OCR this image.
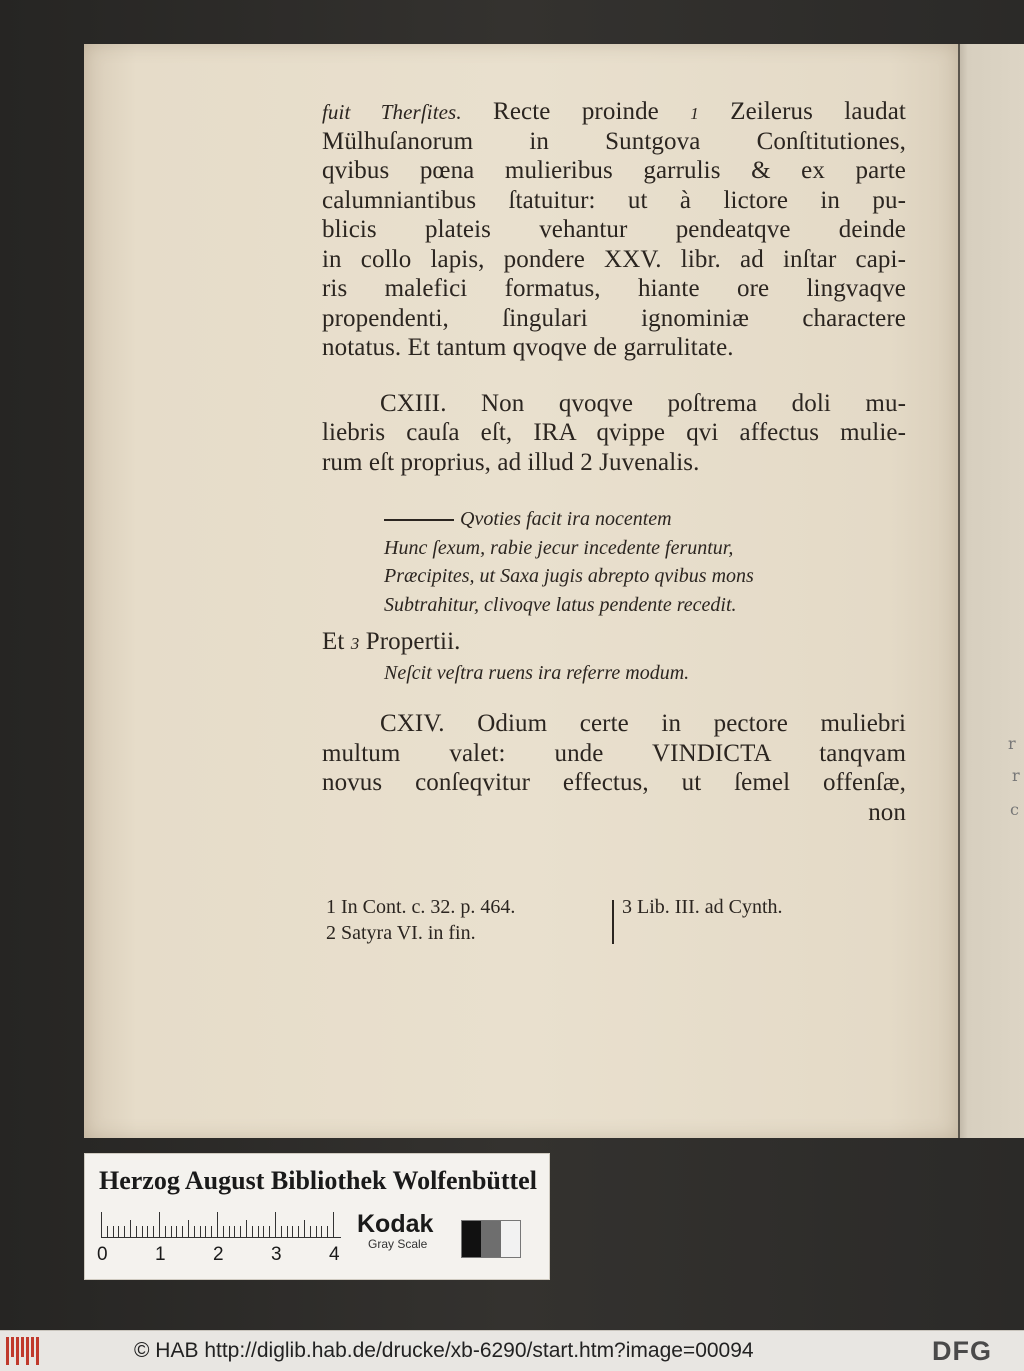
r
r
c
fuit Therſites. Recte proinde 1 Zeilerus laudat
Mülhuſanorum in Suntgova Conſtitutiones,
qvibus pœna mulieribus garrulis & ex parte
calumniantibus ſtatuitur: ut à lictore in pu-
blicis plateis vehantur pendeatqve deinde
in collo lapis, pondere XXV. libr. ad inſtar capi-
ris malefici formatus, hiante ore lingvaqve
propendenti, ſingulari ignominiæ charactere
notatus. Et tantum qvoqve de garrulitate.
CXIII. Non qvoqve poſtrema doli mu-
liebris cauſa eſt, IRA qvippe qvi affectus mulie-
rum eſt proprius, ad illud 2 Juvenalis.
Qvoties facit ira nocentem
Hunc ſexum, rabie jecur incedente feruntur,
Præcipites, ut Saxa jugis abrepto qvibus mons
Subtrahitur, clivoqve latus pendente recedit.
Et 3 Propertii.
Neſcit veſtra ruens ira referre modum.
CXIV. Odium certe in pectore muliebri
multum valet: unde VINDICTA tanqvam
novus conſeqvitur effectus, ut ſemel offenſæ,
non
1 In Cont. c. 32. p. 464.
2 Satyra VI. in fin.
3 Lib. III. ad Cynth.
Herzog August Bibliothek Wolfenbüttel
0 1 2 3 4
Kodak
Gray Scale
© HAB http://diglib.hab.de/drucke/xb-6290/start.htm?image=00094	DFG
